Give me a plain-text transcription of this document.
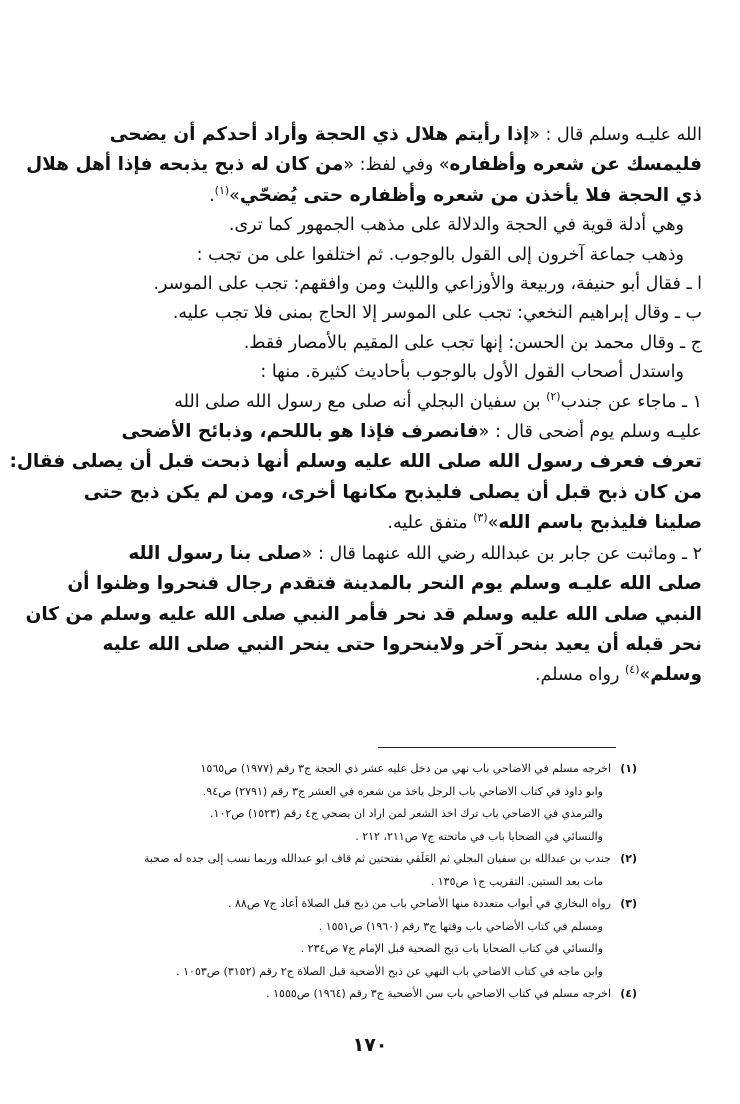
الله عليـه وسلم قال : «إذا رأيتم هلال ذي الحجة وأراد أحدكم أن يضحى
فليمسك عن شعره وأظفاره» وفي لفظ: «من كان له ذبح يذبحه فإذا أهل هلال
ذي الحجة فلا يأخذن من شعره وأظفاره حتى يُضحّي»$^{(١)}$.
وهي أدلة قوية في الحجة والدلالة على مذهب الجمهور كما ترى.
وذهب جماعة آخرون إلى القول بالوجوب. ثم اختلفوا على من تجب :
ا ـ فقال أبو حنيفة، وربيعة والأوزاعي والليث ومن وافقهم: تجب على الموسر.
ب ـ وقال إبراهيم النخعي: تجب على الموسر إلا الحاج بمنى فلا تجب عليه.
ج ـ وقال محمد بن الحسن: إنها تجب على المقيم بالأمصار فقط.
واستدل أصحاب القول الأول بالوجوب بأحاديث كثيرة. منها :
١ ـ ماجاء عن جندب$^{(٢)}$ بن سفيان البجلي أنه صلى مع رسول الله صلى الله
عليـه وسلم يوم أضحى قال : «فانصرف فإذا هو باللحم، وذبائح الأضحى
تعرف فعرف رسول الله صلى الله عليه وسلم أنها ذبحت قبل أن يصلى فقال:
من كان ذبح قبل أن يصلى فليذبح مكانها أخرى، ومن لم يكن ذبح حتى
صلينا فليذبح باسم الله»$^{(٣)}$ متفق عليه.
٢ ـ وماثبت عن جابر بن عبدالله رضي الله عنهما قال : «صلى بنا رسول الله
صلى الله عليـه وسلم يوم النحر بالمدينة فتقدم رجال فنحروا وظنوا أن
النبي صلى الله عليه وسلم قد نحر فأمر النبي صلى الله عليه وسلم من كان
نحر قبله أن يعيد بنحر آخر ولاينحروا حتى ينحر النبي صلى الله عليه
وسلم»$^{(٤)}$ رواه مسلم.
(١)
اخرجه مسلم في الاضاحي باب نهي من دخل عليه عشر ذي الحجة ج٣ رقم (١٩٧٧) ص١٥٦٥
وابو داود في كتاب الاضاحي باب الرجل ياخذ من شعره في العشر ج٣ رقم (٢٧٩١) ص٩٤.
والترمذي في الاضاحي باب ترك اخذ الشعر لمن اراد ان يضحي ج٤ رقم (١٥٢٣) ص١٠٢.
والنسائي في الضحايا باب في ماتحته ج٧ ص٢١١، ٢١٢ .
(٢)
جندب بن عبدالله بن سفيان البجلي ثم العَلَقي بفتحتين ثم قاف ابو عبدالله وربما نسب إلى جده له صحبة
مات بعد الستين. التقريب ج١ ص١٣٥ .
(٣)
رواه البخاري في أبواب متعددة منها الأضاحي باب من ذبح قبل الصلاة أعاد ج٧ ص٨٨ .
ومسلم في كتاب الأضاحي باب وقتها ج٣ رقم (١٩٦٠) ص١٥٥١ .
والنسائي في كتاب الضحايا باب ذبح الضحية قبل الإمام ج٧ ص٢٣٤ .
وابن ماجه في كتاب الاضاحي باب النهي عن ذبح الأضحية قبل الصلاة ج٢ رقم (٣١٥٢) ص١٠٥٣ .
(٤)
اخرجه مسلم في كتاب الاضاحي باب سن الأضحية ج٣ رقم (١٩٦٤) ص١٥٥٥ .
١٧٠
